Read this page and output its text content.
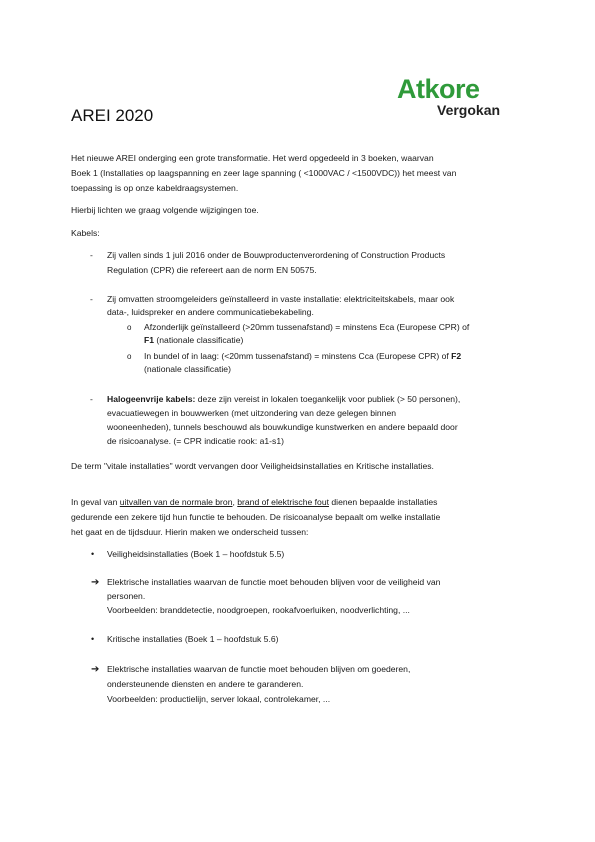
Atkore
Vergokan
AREI 2020
Het nieuwe AREI onderging een grote transformatie. Het werd opgedeeld in 3 boeken, waarvan
Boek 1 (Installaties op laagspanning en zeer lage spanning ( <1000VAC / <1500VDC)) het meest van
toepassing is op onze kabeldraagsystemen.
Hierbij lichten we graag volgende wijzigingen toe.
Kabels:
- Zij vallen sinds 1 juli 2016 onder de Bouwproductenverordening of Construction Products
Regulation (CPR) die refereert aan de norm EN 50575.
- Zij omvatten stroomgeleiders geïnstalleerd in vaste installatie: elektriciteitskabels, maar ook
data-, luidspreker en andere communicatiebekabeling.
o Afzonderlijk geïnstalleerd (>20mm tussenafstand) = minstens Eca (Europese CPR) of
F1 (nationale classificatie)
o In bundel of in laag: (<20mm tussenafstand) = minstens Cca (Europese CPR) of F2
(nationale classificatie)
- Halogeenvrije kabels: deze zijn vereist in lokalen toegankelijk voor publiek (> 50 personen),
evacuatiewegen in bouwwerken (met uitzondering van deze gelegen binnen
wooneenheden), tunnels beschouwd als bouwkundige kunstwerken en andere bepaald door
de risicoanalyse. (= CPR indicatie rook: a1-s1)
De term "vitale installaties" wordt vervangen door Veiligheidsinstallaties en Kritische installaties.
In geval van uitvallen van de normale bron, brand of elektrische fout dienen bepaalde installaties
gedurende een zekere tijd hun functie te behouden. De risicoanalyse bepaalt om welke installatie
het gaat en de tijdsduur. Hierin maken we onderscheid tussen:
• Veiligheidsinstallaties (Boek 1 – hoofdstuk 5.5)
➔ Elektrische installaties waarvan de functie moet behouden blijven voor de veiligheid van
personen.
Voorbeelden: branddetectie, noodgroepen, rookafvoerluiken, noodverlichting, ...
• Kritische installaties (Boek 1 – hoofdstuk 5.6)
➔ Elektrische installaties waarvan de functie moet behouden blijven om goederen,
ondersteunende diensten en andere te garanderen.
Voorbeelden: productielijn, server lokaal, controlekamer, ...
